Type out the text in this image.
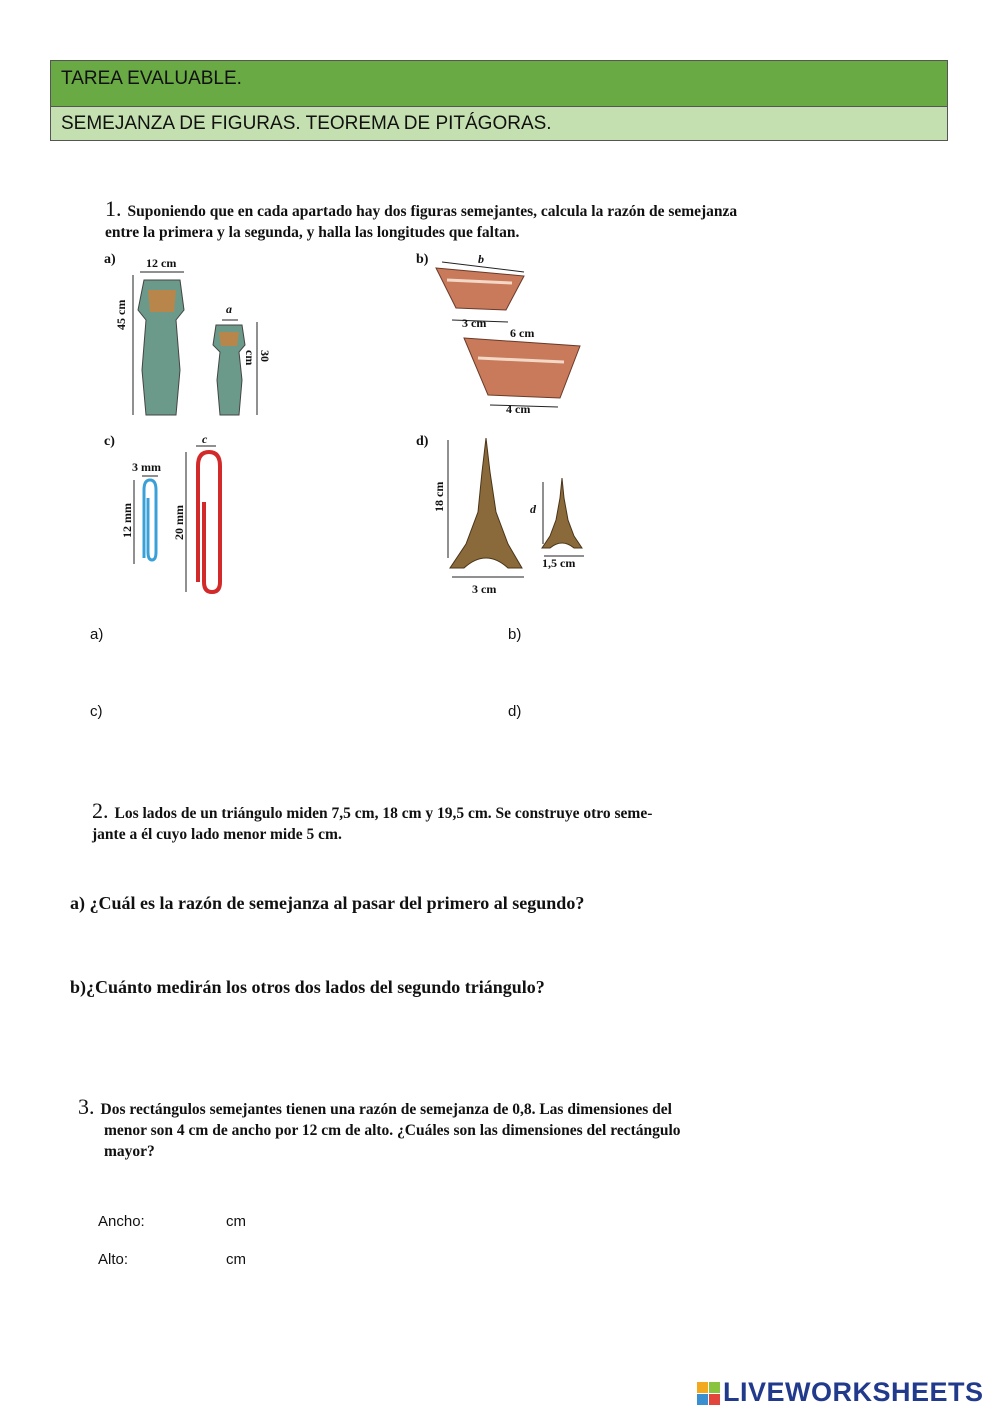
TAREA EVALUABLE.
SEMEJANZA DE FIGURAS. TEOREMA DE PITÁGORAS.
1. Suponiendo que en cada apartado hay dos figuras semejantes, calcula la razón de semejanza entre la primera y la segunda, y halla las longitudes que faltan.
a)	12 cm
45 cm	a
30 cm
b)	b
3 cm
6 cm
4 cm
c)
3 mm
12 mm	20 mm
c	d)
18 cm
3 cm
d
1,5 cm
a)	b)
c)	d)
2. Los lados de un triángulo miden 7,5 cm, 18 cm y 19,5 cm. Se construye otro seme-
jante a él cuyo lado menor mide 5 cm.
a) ¿Cuál es la razón de semejanza al pasar del primero al segundo?
b)¿Cuánto medirán los otros dos lados del segundo triángulo?
3. Dos rectángulos semejantes tienen una razón de semejanza de 0,8. Las dimensiones del
menor son 4 cm de ancho por 12 cm de alto. ¿Cuáles son las dimensiones del rectángulo
mayor?
Ancho:	cm
Alto:	cm
LIVEWORKSHEETS
